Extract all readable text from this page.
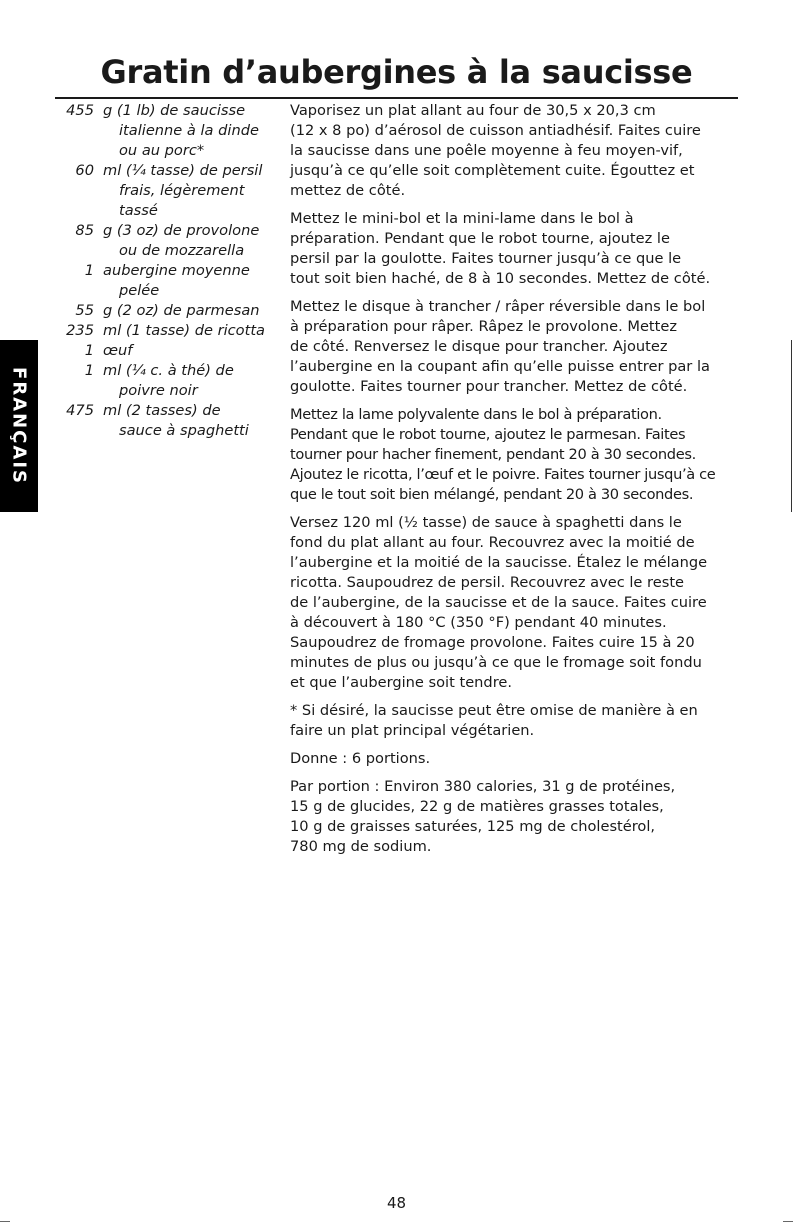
Gratin d’aubergines à la saucisse
FRANÇAIS
455 g (1 lb) de saucisse
italienne à la dinde
ou au porc*
60 ml (¼ tasse) de persil
frais, légèrement
tassé
85 g (3 oz) de provolone
ou de mozzarella
1 aubergine moyenne
pelée
55 g (2 oz) de parmesan
235 ml (1 tasse) de ricotta
1 œuf
1 ml (¼ c. à thé) de
poivre noir
475 ml (2 tasses) de
sauce à spaghetti

Vaporisez un plat allant au four de 30,5 x 20,3 cm
(12 x 8 po) d’aérosol de cuisson antiadhésif. Faites cuire
la saucisse dans une poêle moyenne à feu moyen-vif,
jusqu’à ce qu’elle soit complètement cuite. Égouttez et
mettez de côté.

Mettez le mini-bol et la mini-lame dans le bol à
préparation. Pendant que le robot tourne, ajoutez le
persil par la goulotte. Faites tourner jusqu’à ce que le
tout soit bien haché, de 8 à 10 secondes. Mettez de côté.

Mettez le disque à trancher / râper réversible dans le bol
à préparation pour râper. Râpez le provolone. Mettez
de côté. Renversez le disque pour trancher. Ajoutez
l’aubergine en la coupant afin qu’elle puisse entrer par la
goulotte. Faites tourner pour trancher. Mettez de côté.

Mettez la lame polyvalente dans le bol à préparation.
Pendant que le robot tourne, ajoutez le parmesan. Faites
tourner pour hacher finement, pendant 20 à 30 secondes.
Ajoutez le ricotta, l’œuf et le poivre. Faites tourner jusqu’à ce
que le tout soit bien mélangé, pendant 20 à 30 secondes.

Versez 120 ml (½ tasse) de sauce à spaghetti dans le
fond du plat allant au four. Recouvrez avec la moitié de
l’aubergine et la moitié de la saucisse. Étalez le mélange
ricotta. Saupoudrez de persil. Recouvrez avec le reste
de l’aubergine, de la saucisse et de la sauce. Faites cuire
à découvert à 180 °C (350 °F) pendant 40 minutes.
Saupoudrez de fromage provolone. Faites cuire 15 à 20
minutes de plus ou jusqu’à ce que le fromage soit fondu
et que l’aubergine soit tendre.

* Si désiré, la saucisse peut être omise de manière à en
faire un plat principal végétarien.

Donne : 6 portions.

Par portion : Environ 380 calories, 31 g de protéines,
15 g de glucides, 22 g de matières grasses totales,
10 g de graisses saturées, 125 mg de cholestérol,
780 mg de sodium.

48
